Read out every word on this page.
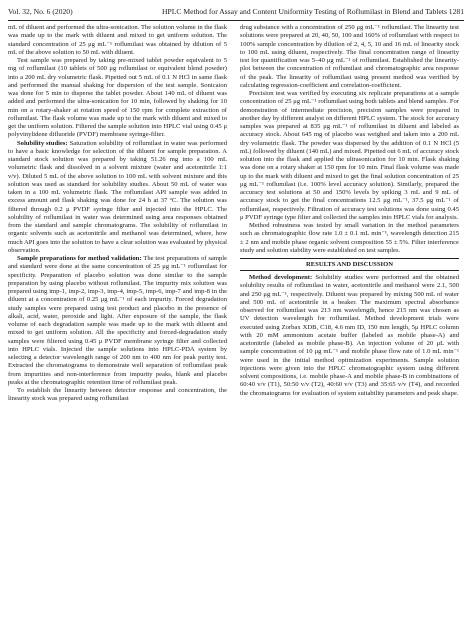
Vol. 32, No. 6 (2020)	HPLC Method for Assay and Content Uniformity Testing of Roflumilast in Blend and Tablets 1281

mL of diluent and performed the ultra-sonication. The solution volume in the flask was made up to the mark with diluent and mixed to get uniform solution. The standard concentration of 25 μg mL⁻¹ roflumilast was obtained by dilution of 5 mL of the above solution to 50 mL with diluent.

Test sample was prepared by taking pre-mixed tablet powder equivalent to 5 mg of roflumilast (10 tablets of 500 μg roflumilast or equivalent blend powder) into a 200 mL dry volumetric flask. Pipetted out 5 mL of 0.1 N HCl in same flask and performed the manual shaking for dispersion of the test sample. Sonicaion was done for 5 min to disperse the tablet powder. About 140 mL of diluent was added and performed the ultra-sonication for 10 min, followed by shaking for 10 min on a rotary-shaker at rotation speed of 150 rpm for complete extraction of roflumilast. The flask volume was made up to the mark with diluent and mixed to get the uniform solution. Filtered the sample solution into HPLC vial using 0.45 μ polyvinylidene difluoride (PVDF) membrane syringe-filter.

Solubility studies: Saturation solubility of roflumilast in water was performed to have a basic knowledge for selection of the diluent for sample preparation. A standard stock solution was prepared by taking 51.26 mg into a 100 mL volumetric flask and dissolved in a solvent mixture (water and acetonitrile 1:1 v/v). Diluted 5 mL of the above solution to 100 mL with solvent mixture and this solution was used as standard for solubility studies. About 50 mL of water was taken in a 100 mL volumetric flask. The roflumilast API sample was added in excess amount and flask shaking was done for 24 h at 37 ºC. The solution was filtered through 0.2 μ PVDF syringe filter and injected into the HPLC. The solubility of roflumilast in water was determined using area responses obtained from the standard and sample chromatograms. The solubility of roflumilast in organic solvents such as acetonitrile and methanol was determined, where, how much API goes into the solution to have a clear solution was evaluated by physical observation.

Sample preparations for method validation: The test preparations of sample and standard were done at the same concentration of 25 μg mL⁻¹ roflumilast for specificity. Preparation of placebo solution was done similar to the sample preparation by using placebo without roflumilast. The impurity mix solution was prepared using imp-1, imp-2, imp-3, imp-4, imp-5, imp-6, imp-7 and imp-8 in the diluent at a concentration of 0.25 μg mL⁻¹ of each impurity. Forced degradation study samples were prepared using test product and placebo in the presence of alkali, acid, water, peroxide and light. After exposure of the sample, the flask volume of each degradation sample was made up to the mark with diluent and mixed to get uniform solution. All the specificity and forced-degradation study samples were filtered using 0.45 μ PVDF membrane syringe filter and collected into HPLC vials. Injected the sample solutions into HPLC-PDA system by selecting a detector wavelength range of 200 nm to 400 nm for peak purity test. Extracted the chromatograms to demonstrate well separation of roflumilast peak from impurities and non-interference from impurity peaks, blank and placebo peaks at the chromatographic retention time of roflumilast peak.

To establish the linearity between detector response and concentration, the linearity stock was prepared using roflumilast

drug substance with a concentration of 250 μg mL⁻¹ roflumilast. The linearity test solutions were prepared at 20, 40, 50, 100 and 160% of roflumilast with respect to 100% sample concentration by dilution of 2, 4, 5, 10 and 16 mL of linearity stock to 100 mL using diluent, respectively. The final concentration range of linearity test for quantification was 5–40 μg mL⁻¹ of roflumilast. Established the linearity-plot between the concentration of roflumilast and chromatographic area response of the peak. The linearity of roflumilast using present method was verified by calculating regression-coefficient and correlation-coefficient.

Precision test was verified by executing six replicate preparations at a sample concentration of 25 μg mL⁻¹ roflumilast using both tablets and blend samples. For demonstration of intermediate precision, precision samples were prepared in another day by different analyst on different HPLC system. The stock for accuracy samples was prepared at 835 μg mL⁻¹ of roflumilast in diluent and labeled as accuracy stock. About 645 mg of placebo was weighed and taken into a 200 mL dry volumetric flask. The powder was dispersed by the addition of 0.1 N HCl (5 mL) followed by diluent (140 mL) and mixed. Pipetted out 6 mL of accuracy stock solution into the flask and applied the ultrasonication for 10 min. Flask shaking was done on a rotary shaker at 150 rpm for 10 min. Final flask volume was made up to the mark with diluent and mixed to get the final solution concentration of 25 μg mL⁻¹ roflumilast (i.e. 100% level accuracy solution). Similarly, prepared the accuracy test solutions at 50 and 150% levels by spiking 3 mL and 9 mL of accuracy stock to get the final concentrations 12.5 μg mL⁻¹, 37.5 μg mL⁻¹ of roflumilast, respectively. Filtration of accuracy test solutions was done using 0.45 μ PVDF syringe type filter and collected the samples into HPLC vials for analysis.

Method robustness was tested by small variation in the method parameters such as chromatographic flow rate 1.0 ± 0.1 mL min⁻¹, wavelength detection 215 ± 2 nm and mobile phase organic solvent composition 55 ± 5%. Filter interference study and solution stability were established on test samples.

RESULTS AND DISCUSSION

Method development: Solubility studies were performed and the obtained solubility results of roflumilast in water, acetonitrile and methanol were 2.1, 500 and 250 μg mL⁻¹, respectively. Diluent was prepared by mixing 500 mL of water and 500 mL of acetonitrile in a beaker. The maximum spectral absorbance observed for roflumilast was 213 nm wavelength, hence 215 nm was chosen as UV detection wavelength for roflumilast. Method development trials were executed using Zorbax XDB, C18, 4.6 mm ID, 150 mm length, 5μ HPLC column with 20 mM ammonium acetate buffer (labeled as mobile phase-A) and acetonitrile (labeled as mobile phase-B). An injection volume of 20 μL with sample concentration of 10 μg mL⁻¹ and mobile phase flow rate of 1.0 mL min⁻¹ were used in the initial method optimization experiments. Sample solution injections were given into the HPLC chromatographic system using different solvent compositions, i.e. mobile phase-A and mobile phase-B in combinations of 60:40 v/v (T1), 50:50 v/v (T2), 40:60 v/v (T3) and 35:65 v/v (T4), and recorded the chromatograms for evaluation of system suitability parameters and peak shape.
